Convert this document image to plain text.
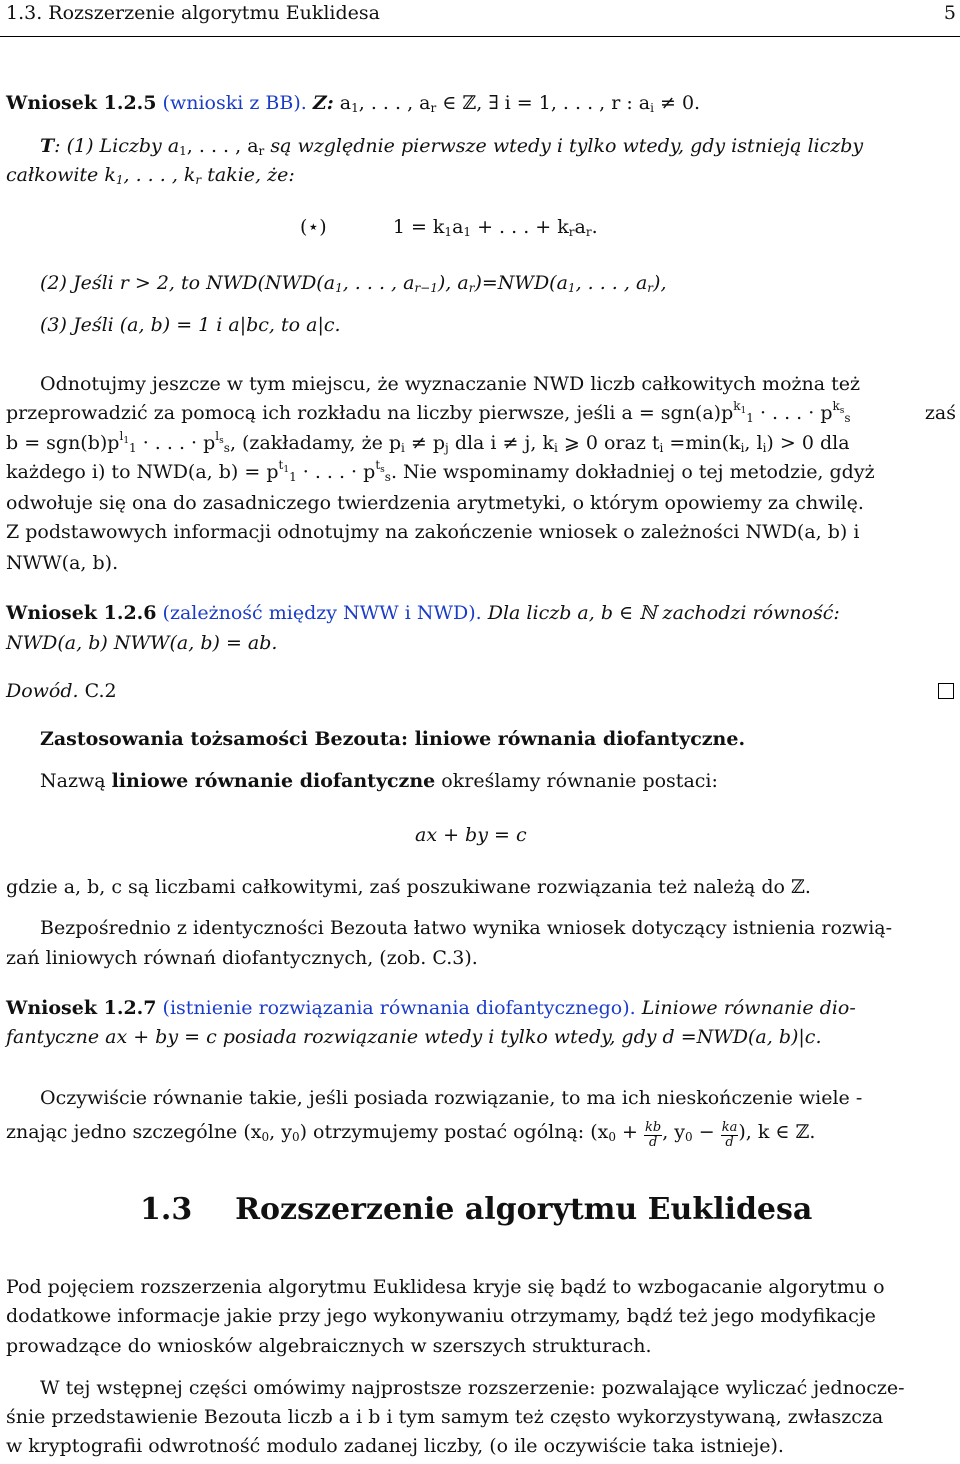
1.3. Rozszerzenie algorytmu Euklidesa	5
Wniosek 1.2.5 (wnioski z BB). Z: $a_1$, . . . , $a_r$ ∈ ℤ, ∃ i = 1, . . . , r : $a_i \ne 0$.
T: (1) Liczby $a_1$, . . . , $a_r$ są względnie pierwsze wtedy i tylko wtedy, gdy istnieją liczby
całkowite $k_1$, . . . , $k_r$ takie, że:
(⋆)	$1 = k_1a_1$ + . . . + $k_ra_r$.
(2) Jeśli r > 2, to $NWD(NWD(a_1$, . . . , $a_{r-1}$), $a_r)=NWD(a_1$, . . . , $a_r$),
(3) Jeśli (a, b) = 1 i a|bc, to a|c.
Odnotujmy jeszcze w tym miejscu, że wyznaczanie NWD liczb całkowitych można też
przeprowadzić za pomocą ich rozkładu na liczby pierwsze, jeśli $a = sgn(a)p^{k_1}_1$ · . . . · $p^{k_s}_s$	zaś
$b = sgn(b)p^{l_1}_1$ · . . . · $p^{l_s}_s$, (zakładamy, że $p_i \ne p_j$ dla i ≠ j, $k_i$ ⩾ 0 oraz $t_i =\min(k_i$, $l_i) > 0$ dla
każdego i) to NWD(a, $b) = p^{t_1}_1$ · . . . · $p^{t_s}_s$. Nie wspominamy dokładniej o tej metodzie, gdyż
odwołuje się ona do zasadniczego twierdzenia arytmetyki, o którym opowiemy za chwilę.
Z podstawowych informacji odnotujmy na zakończenie wniosek o zależności NWD(a, b) i
NWW(a, b).
Wniosek 1.2.6 (zależność między NWW i NWD). Dla liczb a, b ∈ ℕ zachodzi równość:
NWD(a, b) NWW(a, b) = ab.
Dowód. C.2
Zastosowania tożsamości Bezouta: liniowe równania diofantyczne.
Nazwą liniowe równanie diofantyczne określamy równanie postaci:
ax + by = c
gdzie a, b, c są liczbami całkowitymi, zaś poszukiwane rozwiązania też należą do ℤ.
Bezpośrednio z identyczności Bezouta łatwo wynika wniosek dotyczący istnienia rozwią-
zań liniowych równań diofantycznych, (zob. C.3).
Wniosek 1.2.7 (istnienie rozwiązania równania diofantycznego). Liniowe równanie dio-
fantyczne ax + by = c posiada rozwiązanie wtedy i tylko wtedy, gdy d =NWD(a, b)|c.
Oczywiście równanie takie, jeśli posiada rozwiązanie, to ma ich nieskończenie wiele -
znając jedno szczególne ($x_0$, $y_0$) otrzymujemy postać ogólną: ($x_0 + \frac{kb}{d}$ , $y_0 - \frac{ka}{d}$ ), k ∈ ℤ.
1.3 Rozszerzenie algorytmu Euklidesa
Pod pojęciem rozszerzenia algorytmu Euklidesa kryje się bądź to wzbogacanie algorytmu o
dodatkowe informacje jakie przy jego wykonywaniu otrzymamy, bądź też jego modyfikacje
prowadzące do wniosków algebraicznych w szerszych strukturach.
W tej wstępnej części omówimy najprostsze rozszerzenie: pozwalające wyliczać jednocze-
śnie przedstawienie Bezouta liczb a i b i tym samym też często wykorzystywaną, zwłaszcza
w kryptografii odwrotność modulo zadanej liczby, (o ile oczywiście taka istnieje).
